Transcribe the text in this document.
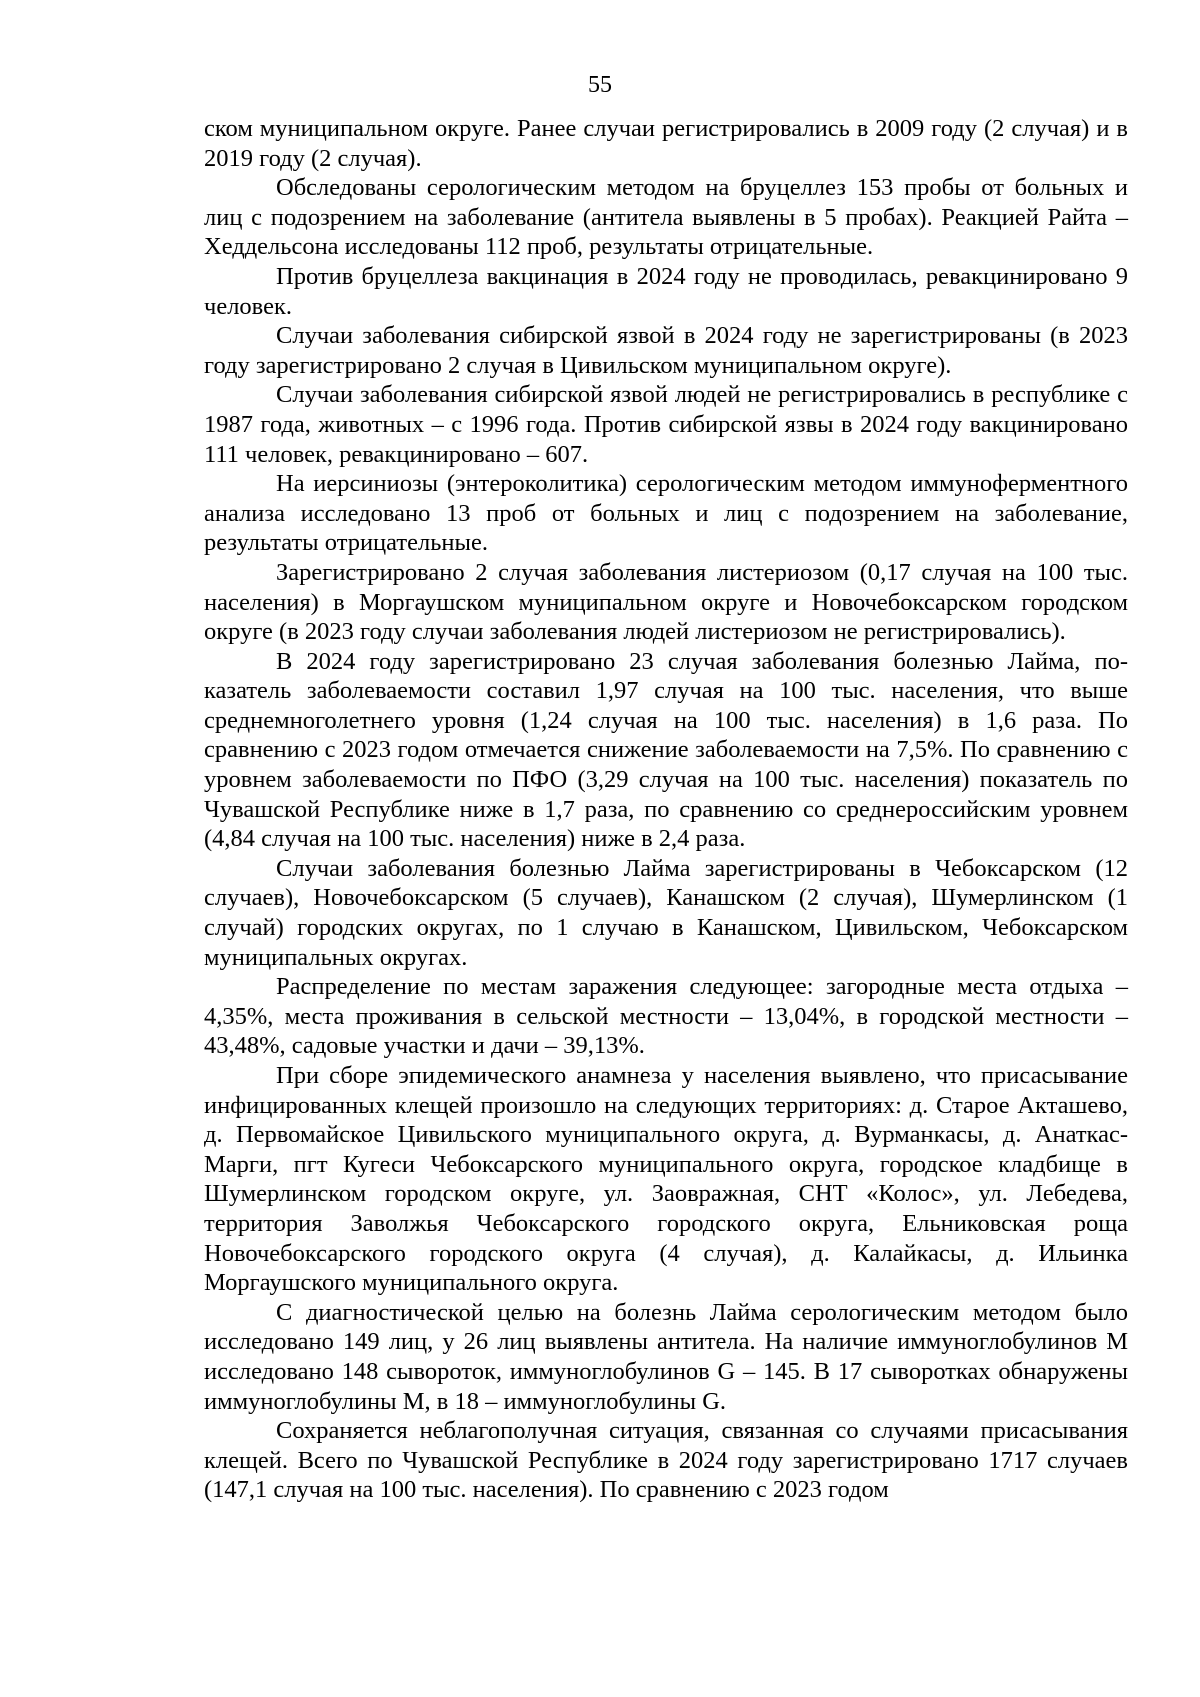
55

ском муниципальном округе. Ранее случаи регистрировались в 2009 году (2 случая) и в 2019 году (2 случая).

Обследованы серологическим методом на бруцеллез 153 пробы от больных и лиц с подозрением на заболевание (антитела выявлены в 5 пробах). Реакцией Райта – Хеддельсона исследованы 112 проб, результаты отрицательные.

Против бруцеллеза вакцинация в 2024 году не проводилась, ревакцинировано 9 человек.

Случаи заболевания сибирской язвой в 2024 году не зарегистрированы (в 2023 году зарегистрировано 2 случая в Цивильском муниципальном округе).

Случаи заболевания сибирской язвой людей не регистрировались в республике с 1987 года, животных – с 1996 года. Против сибирской язвы в 2024 году вакцинировано 111 человек, ревакцинировано – 607.

На иерсиниозы (энтероколитика) серологическим методом иммуноферментного анализа исследовано 13 проб от больных и лиц с подозрением на заболевание, результаты отрицательные.

Зарегистрировано 2 случая заболевания листериозом (0,17 случая на 100 тыс. населения) в Моргаушском муниципальном округе и Новочебоксарском городском округе (в 2023 году случаи заболевания людей листериозом не регистрировались).

В 2024 году зарегистрировано 23 случая заболевания болезнью Лайма, показатель заболеваемости составил 1,97 случая на 100 тыс. населения, что выше среднемноголетнего уровня (1,24 случая на 100 тыс. населения) в 1,6 раза. По сравнению с 2023 годом отмечается снижение заболеваемости на 7,5%. По сравнению с уровнем заболеваемости по ПФО (3,29 случая на 100 тыс. населения) показатель по Чувашской Республике ниже в 1,7 раза, по сравнению со среднероссийским уровнем (4,84 случая на 100 тыс. населения) ниже в 2,4 раза.

Случаи заболевания болезнью Лайма зарегистрированы в Чебоксарском (12 случаев), Новочебоксарском (5 случаев), Канашском (2 случая), Шумерлинском (1 случай) городских округах, по 1 случаю в Канашском, Цивильском, Чебоксарском муниципальных округах.

Распределение по местам заражения следующее: загородные места отдыха – 4,35%, места проживания в сельской местности – 13,04%, в городской местности – 43,48%, садовые участки и дачи – 39,13%.

При сборе эпидемического анамнеза у населения выявлено, что присасывание инфицированных клещей произошло на следующих территориях: д. Старое Акташево, д. Первомайское Цивильского муниципального округа, д. Вурманкасы, д. Анаткас-Марги, пгт Кугеси Чебоксарского муниципального округа, городское кладбище в Шумерлинском городском округе, ул. Заовражная, СНТ «Колос», ул. Лебедева, территория Заволжья Чебоксарского городского округа, Ельниковская роща Новочебоксарского городского округа (4 случая), д. Калайкасы, д. Ильинка Моргаушского муниципального округа.

С диагностической целью на болезнь Лайма серологическим методом было исследовано 149 лиц, у 26 лиц выявлены антитела. На наличие иммуноглобулинов М исследовано 148 сывороток, иммуноглобулинов G – 145. В 17 сыворотках обнаружены иммуноглобулины М, в 18 – иммуноглобулины G.

Сохраняется неблагополучная ситуация, связанная со случаями присасывания клещей. Всего по Чувашской Республике в 2024 году зарегистрировано 1717 случаев (147,1 случая на 100 тыс. населения). По сравнению с 2023 годом
